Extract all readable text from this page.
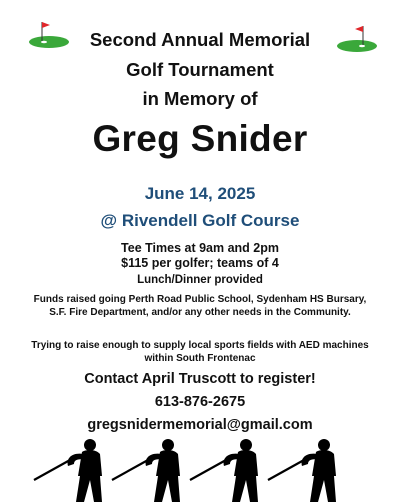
Second Annual Memorial
Golf Tournament
in Memory of
Greg Snider
June 14, 2025
@ Rivendell Golf Course
Tee Times at 9am and 2pm
$115 per golfer; teams of 4
Lunch/Dinner provided
Funds raised going Perth Road Public School, Sydenham HS Bursary, S.F. Fire Department, and/or any other needs in the Community.
Trying to raise enough to supply local sports fields with AED machines within South Frontenac
Contact April Truscott to register!
613-876-2675
gregsnidermemorial@gmail.com
